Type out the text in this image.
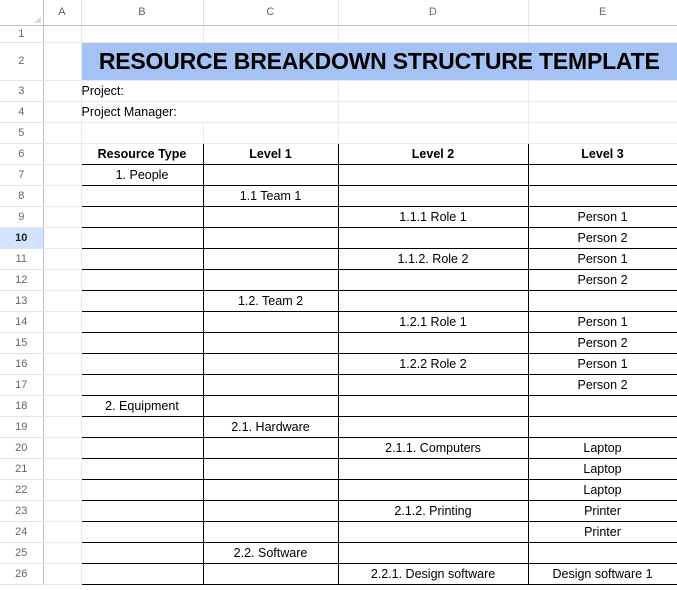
	A	B	C	D	E
1					
2		RESOURCE BREAKDOWN STRUCTURE TEMPLATE			
3		Project:			
4		Project Manager:			
5					
6		Resource Type	Level 1	Level 2	Level 3
7		1. People			
8			1.1 Team 1		
9				1.1.1 Role 1	Person 1
10					Person 2
11				1.1.2. Role 2	Person 1
12					Person 2
13			1.2. Team 2		
14				1.2.1 Role 1	Person 1
15					Person 2
16				1.2.2 Role 2	Person 1
17					Person 2
18		2. Equipment			
19			2.1. Hardware		
20				2.1.1. Computers	Laptop
21					Laptop
22					Laptop
23				2.1.2. Printing	Printer
24					Printer
25			2.2. Software		
26				2.2.1. Design software	Design software 1
